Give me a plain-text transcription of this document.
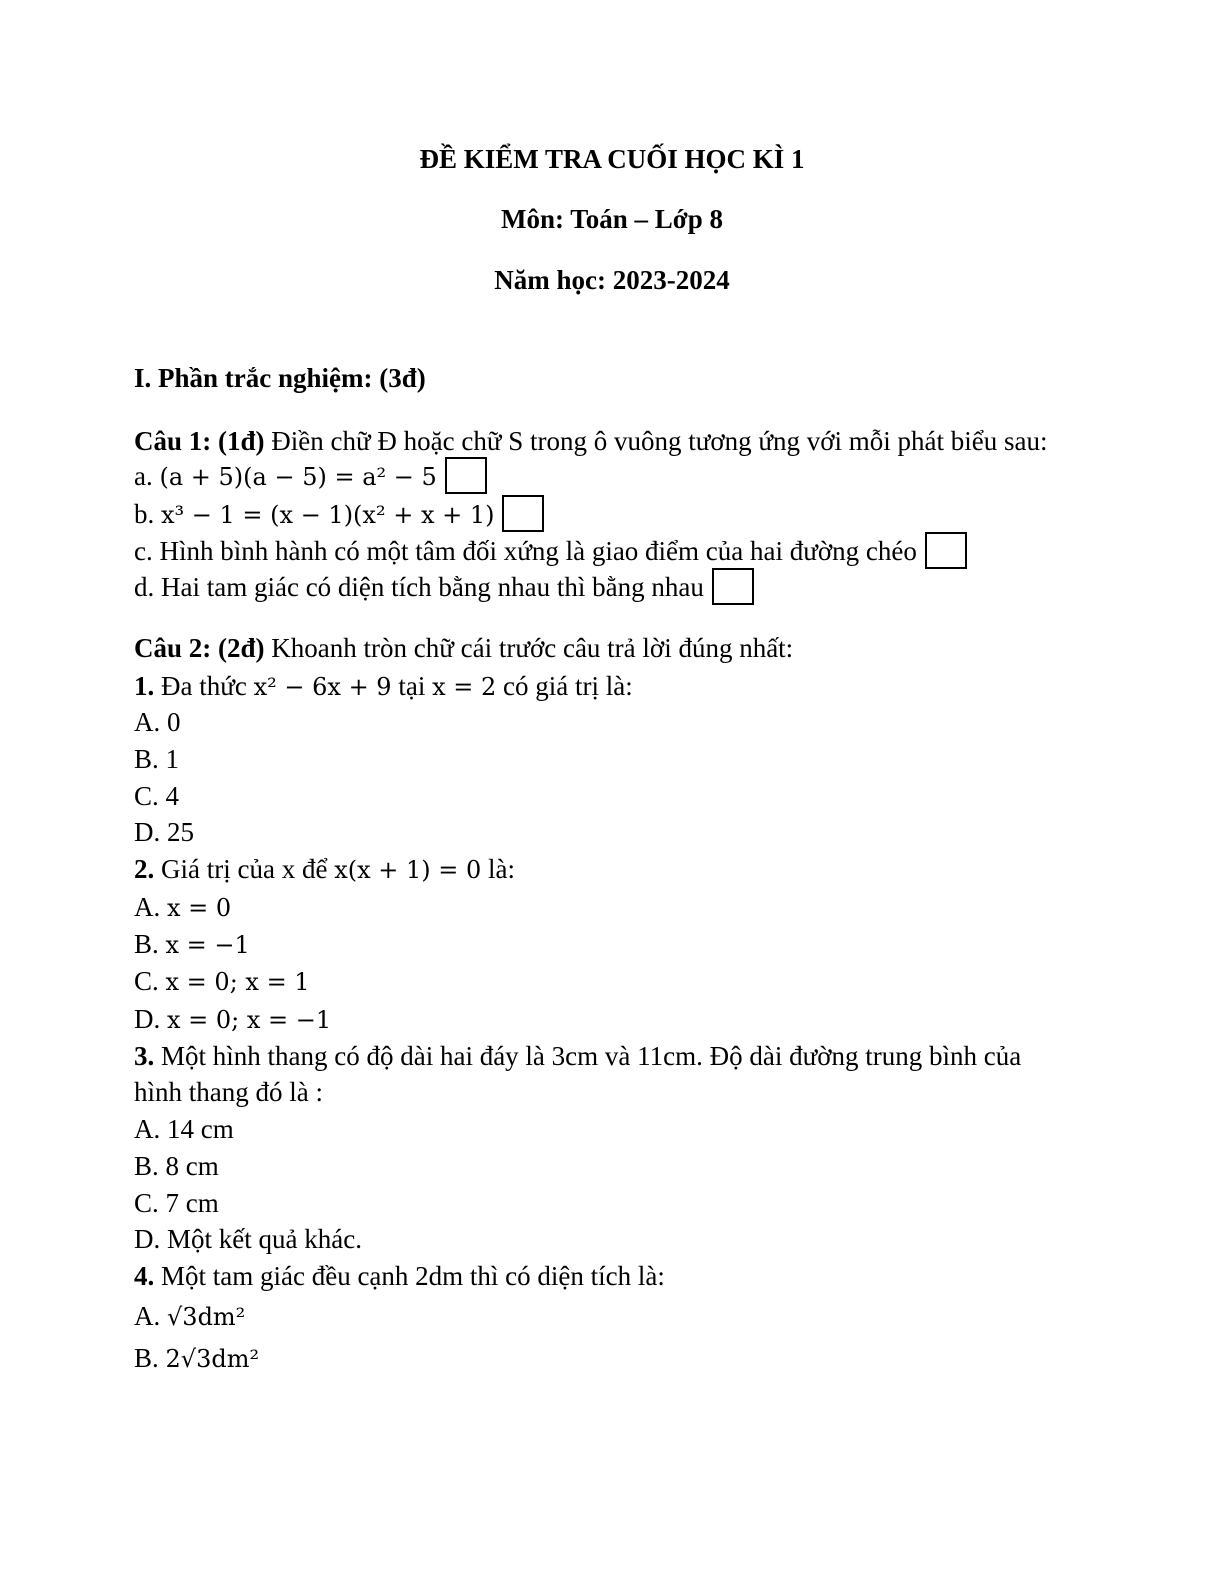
ĐỀ KIỂM TRA CUỐI HỌC KÌ 1
Môn: Toán – Lớp 8
Năm học: 2023-2024
I. Phần trắc nghiệm: (3đ)
Câu 1: (1đ) Điền chữ Đ hoặc chữ S trong ô vuông tương ứng với mỗi phát biểu sau:
a. (a + 5)(a − 5) = a² − 5
b. x³ − 1 = (x − 1)(x² + x + 1)
c. Hình bình hành có một tâm đối xứng là giao điểm của hai đường chéo
d. Hai tam giác có diện tích bằng nhau thì bằng nhau
Câu 2: (2đ) Khoanh tròn chữ cái trước câu trả lời đúng nhất:
1. Đa thức x² − 6x + 9 tại x = 2 có giá trị là:
A. 0
B. 1
C. 4
D. 25
2. Giá trị của x để x(x + 1) = 0 là:
A. x = 0
B. x = −1
C. x = 0; x = 1
D. x = 0; x = −1
3. Một hình thang có độ dài hai đáy là 3cm và 11cm. Độ dài đường trung bình của
hình thang đó là :
A. 14 cm
B. 8 cm
C. 7 cm
D. Một kết quả khác.
4. Một tam giác đều cạnh 2dm thì có diện tích là:
A. √3dm²
B. 2√3dm²
